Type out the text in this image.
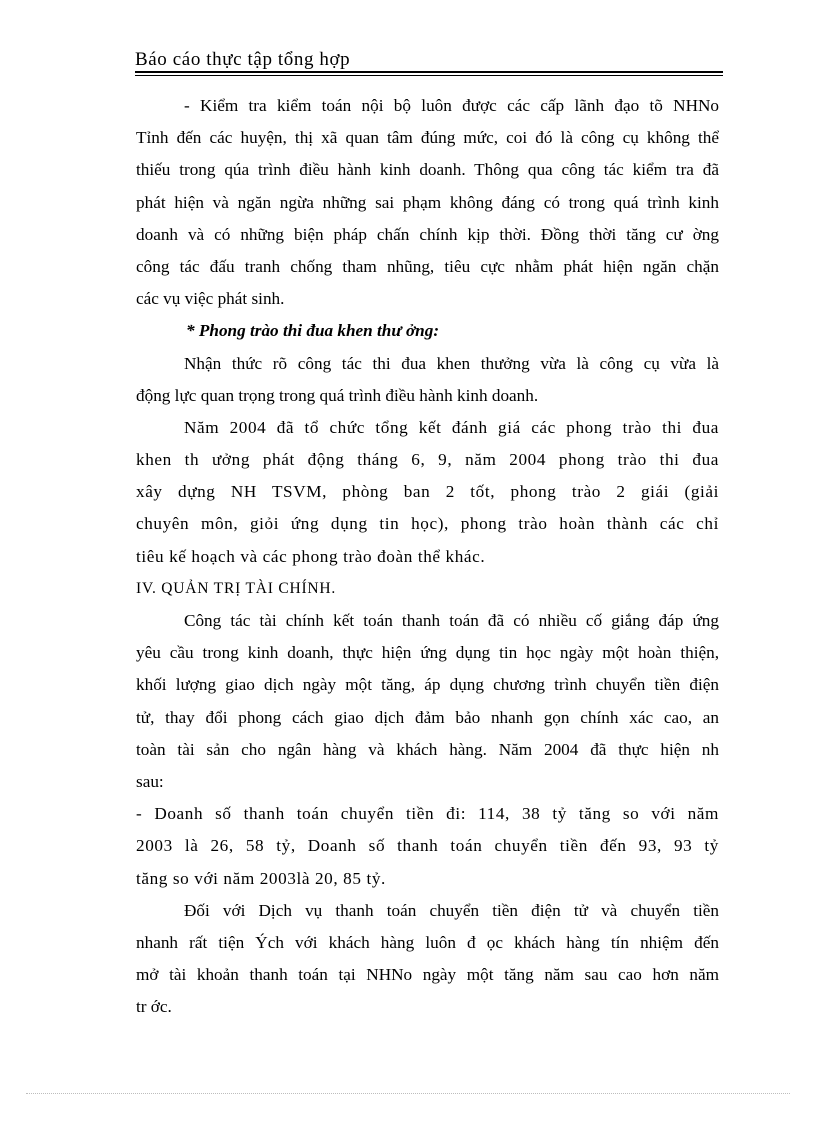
Báo cáo thực tập tổng hợp
- Kiểm tra kiểm toán nội bộ luôn được các cấp lãnh đạo tõ NHNo
Tỉnh đến các huyện, thị xã quan tâm đúng mức, coi đó là công cụ không thể
thiếu trong qúa trình điều hành kinh doanh. Thông qua công tác kiểm tra đã
phát hiện và ngăn ngừa những sai phạm không đáng có trong quá trình kinh
doanh và có những biện pháp chấn chính kịp thời. Đồng thời tăng cư ờng
công tác đấu tranh chống tham nhũng, tiêu cực nhằm phát hiện ngăn chặn
các vụ việc phát sinh.
* Phong trào thi đua khen thư ởng:
Nhận thức rõ công tác thi đua khen thưởng vừa là công cụ vừa là
động lực quan trọng trong quá trình điều hành kinh doanh.
Năm 2004 đã tổ chức tổng kết đánh giá các phong trào thi đua
khen th ưởng phát động tháng 6, 9, năm 2004 phong trào thi đua
xây dựng NH TSVM, phòng ban 2 tốt, phong trào 2 giái (giải
chuyên môn, giỏi ứng dụng tin học), phong trào hoàn thành các chỉ
tiêu kế hoạch và các phong trào đoàn thể khác.
IV. QUẢN TRỊ TÀI CHÍNH.
Công tác tài chính kết toán thanh toán đã có nhiều cố giắng đáp ứng
yêu cầu trong kinh doanh, thực hiện ứng dụng tin học ngày một hoàn thiện,
khối lượng giao dịch ngày một tăng, áp dụng chương trình chuyển tiền điện
tử, thay đổi phong cách giao dịch đảm bảo nhanh gọn chính xác cao, an
toàn tài sản cho ngân hàng và khách hàng. Năm 2004 đã thực hiện nh
sau:
- Doanh số thanh toán chuyển tiền đi: 114, 38 tỷ tăng so với năm
2003 là 26, 58 tỷ, Doanh số thanh toán chuyển tiền đến 93, 93 tỷ
tăng so với năm 2003là 20, 85 tỷ.
Đối với Dịch vụ thanh toán chuyển tiền điện tử và chuyển tiền
nhanh rất tiện Ých với khách hàng luôn đ ọc khách hàng tín nhiệm đến
mở tài khoản thanh toán tại NHNo ngày một tăng năm sau cao hơn năm
tr ớc.
